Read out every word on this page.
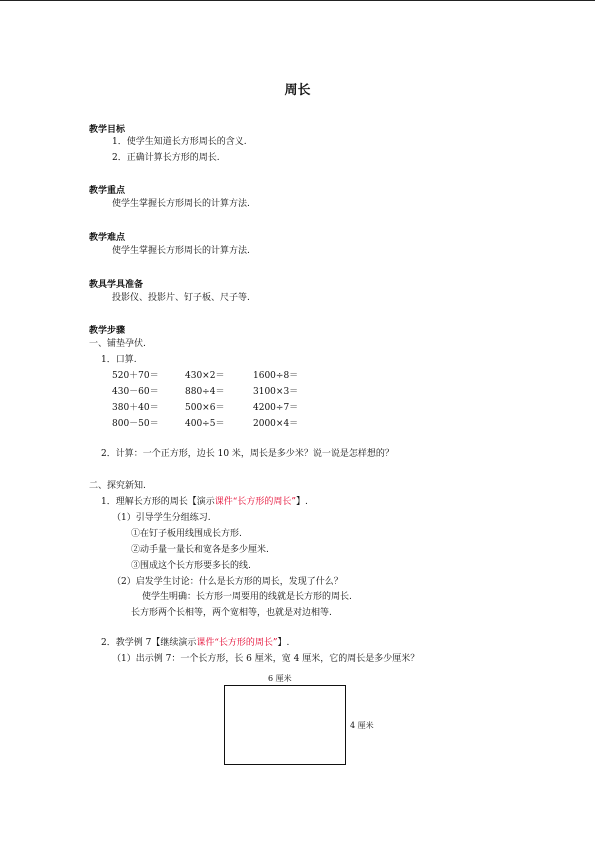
周长
教学目标
1．使学生知道长方形周长的含义.
2．正确计算长方形的周长.
教学重点
使学生掌握长方形周长的计算方法.
教学难点
使学生掌握长方形周长的计算方法.
教具学具准备
投影仪、投影片、钉子板、尺子等.
教学步骤
一、铺垫孕伏.
1．口算.
520＋70＝	430×2＝	1600÷8＝
430－60＝	880÷4＝	3100×3＝
380＋40＝	500×6＝	4200÷7＝
800－50＝	400÷5＝	2000×4＝
2．计算：一个正方形，边长 10 米，周长是多少米？说一说是怎样想的？
二、探究新知.
1．理解长方形的周长【演示课件“长方形的周长”】.
（1）引导学生分组练习.
①在钉子板用线围成长方形.
②动手量一量长和宽各是多少厘米.
③围成这个长方形要多长的线.
（2）启发学生讨论：什么是长方形的周长，发现了什么？
使学生明确：长方形一周要用的线就是长方形的周长.
长方形两个长相等，两个宽相等，也就是对边相等.
2．教学例 7【继续演示课件“长方形的周长”】.
（1）出示例 7：一个长方形，长 6 厘米，宽 4 厘米，它的周长是多少厘米？
6 厘米
4 厘米
